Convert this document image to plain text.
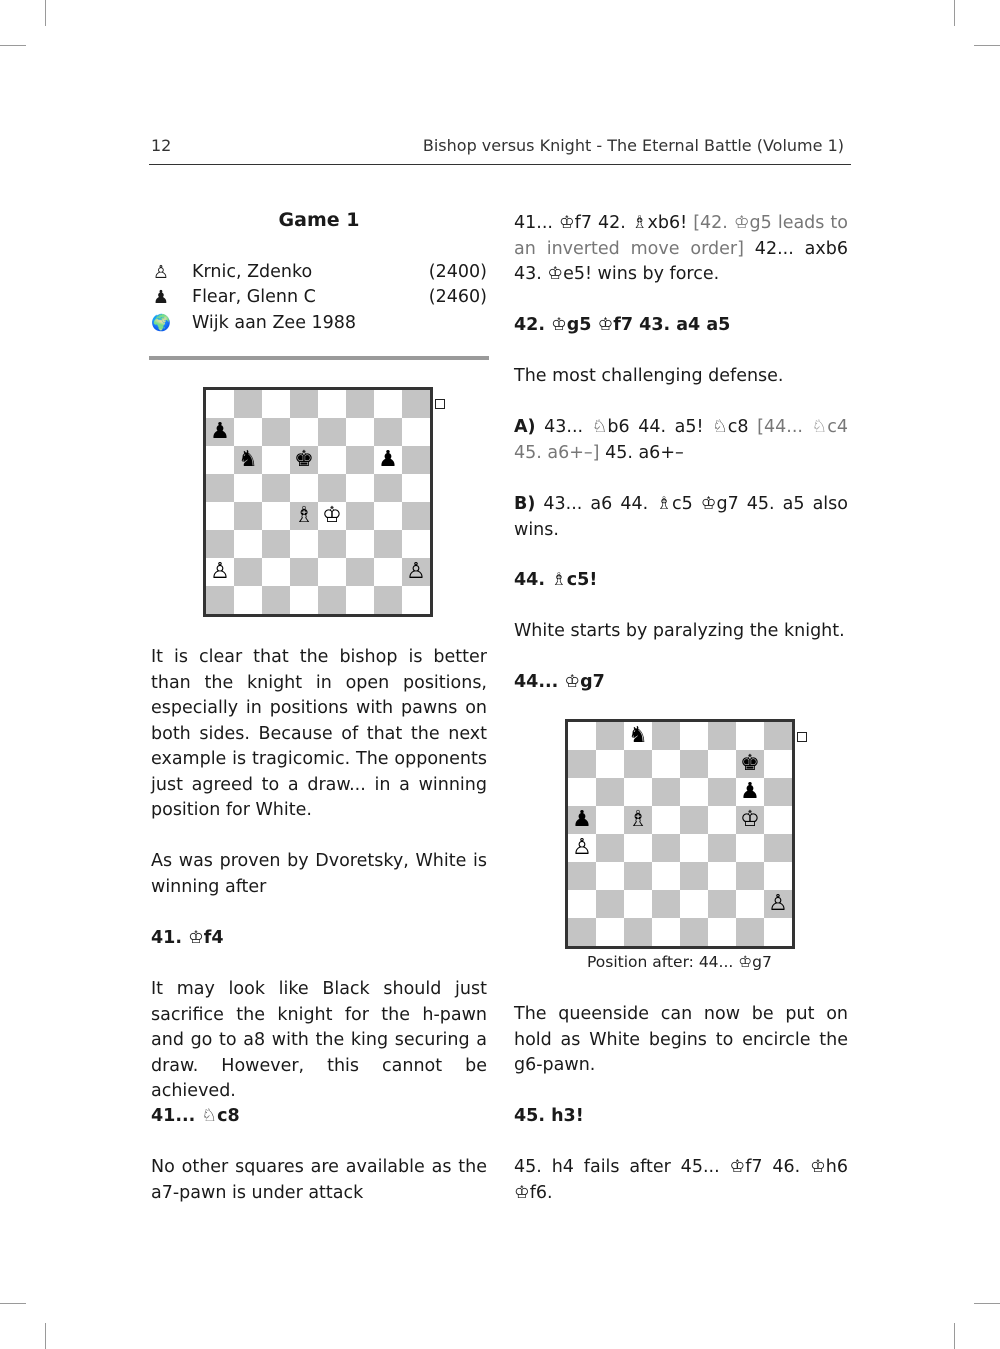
12	Bishop versus Knight - The Eternal Battle (Volume 1)
Game 1
♙ Krnic, Zdenko	(2400)
♟ Flear, Glenn C	(2460)
🌍 Wijk aan Zee 1988
♟
♞ ♚	♟
♗ ♔
♙	♙

It is clear that the bishop is better than the knight in open positions, especially in positions with pawns on both sides. Because of that the next example is tragicomic. The opponents just agreed to a draw... in a winning position for White.

As was proven by Dvoretsky, White is winning after

41. ♔f4

It may look like Black should just sacrifice the knight for the h-pawn and go to a8 with the king securing a draw. However, this cannot be achieved.

41... ♘c8

No other squares are available as the a7-pawn is under attack

41... ♔f7 42. ♗xb6! [42. ♔g5 leads to an inverted move order] 42... axb6 43. ♔e5! wins by force.

42. ♔g5 ♔f7 43. a4 a5

The most challenging defense.

A) 43... ♘b6 44. a5! ♘c8 [44... ♘c4 45. a6+–] 45. a6+–

B) 43... a6 44. ♗c5 ♔g7 45. a5 also wins.

44. ♗c5!

White starts by paralyzing the knight.

44... ♔g7

♞
♚
♟
♟ ♗	♔
♙
♙
Position after: 44... ♔g7

The queenside can now be put on hold as White begins to encircle the g6-pawn.

45. h3!

45. h4 fails after 45... ♔f7 46. ♔h6 ♔f6.
